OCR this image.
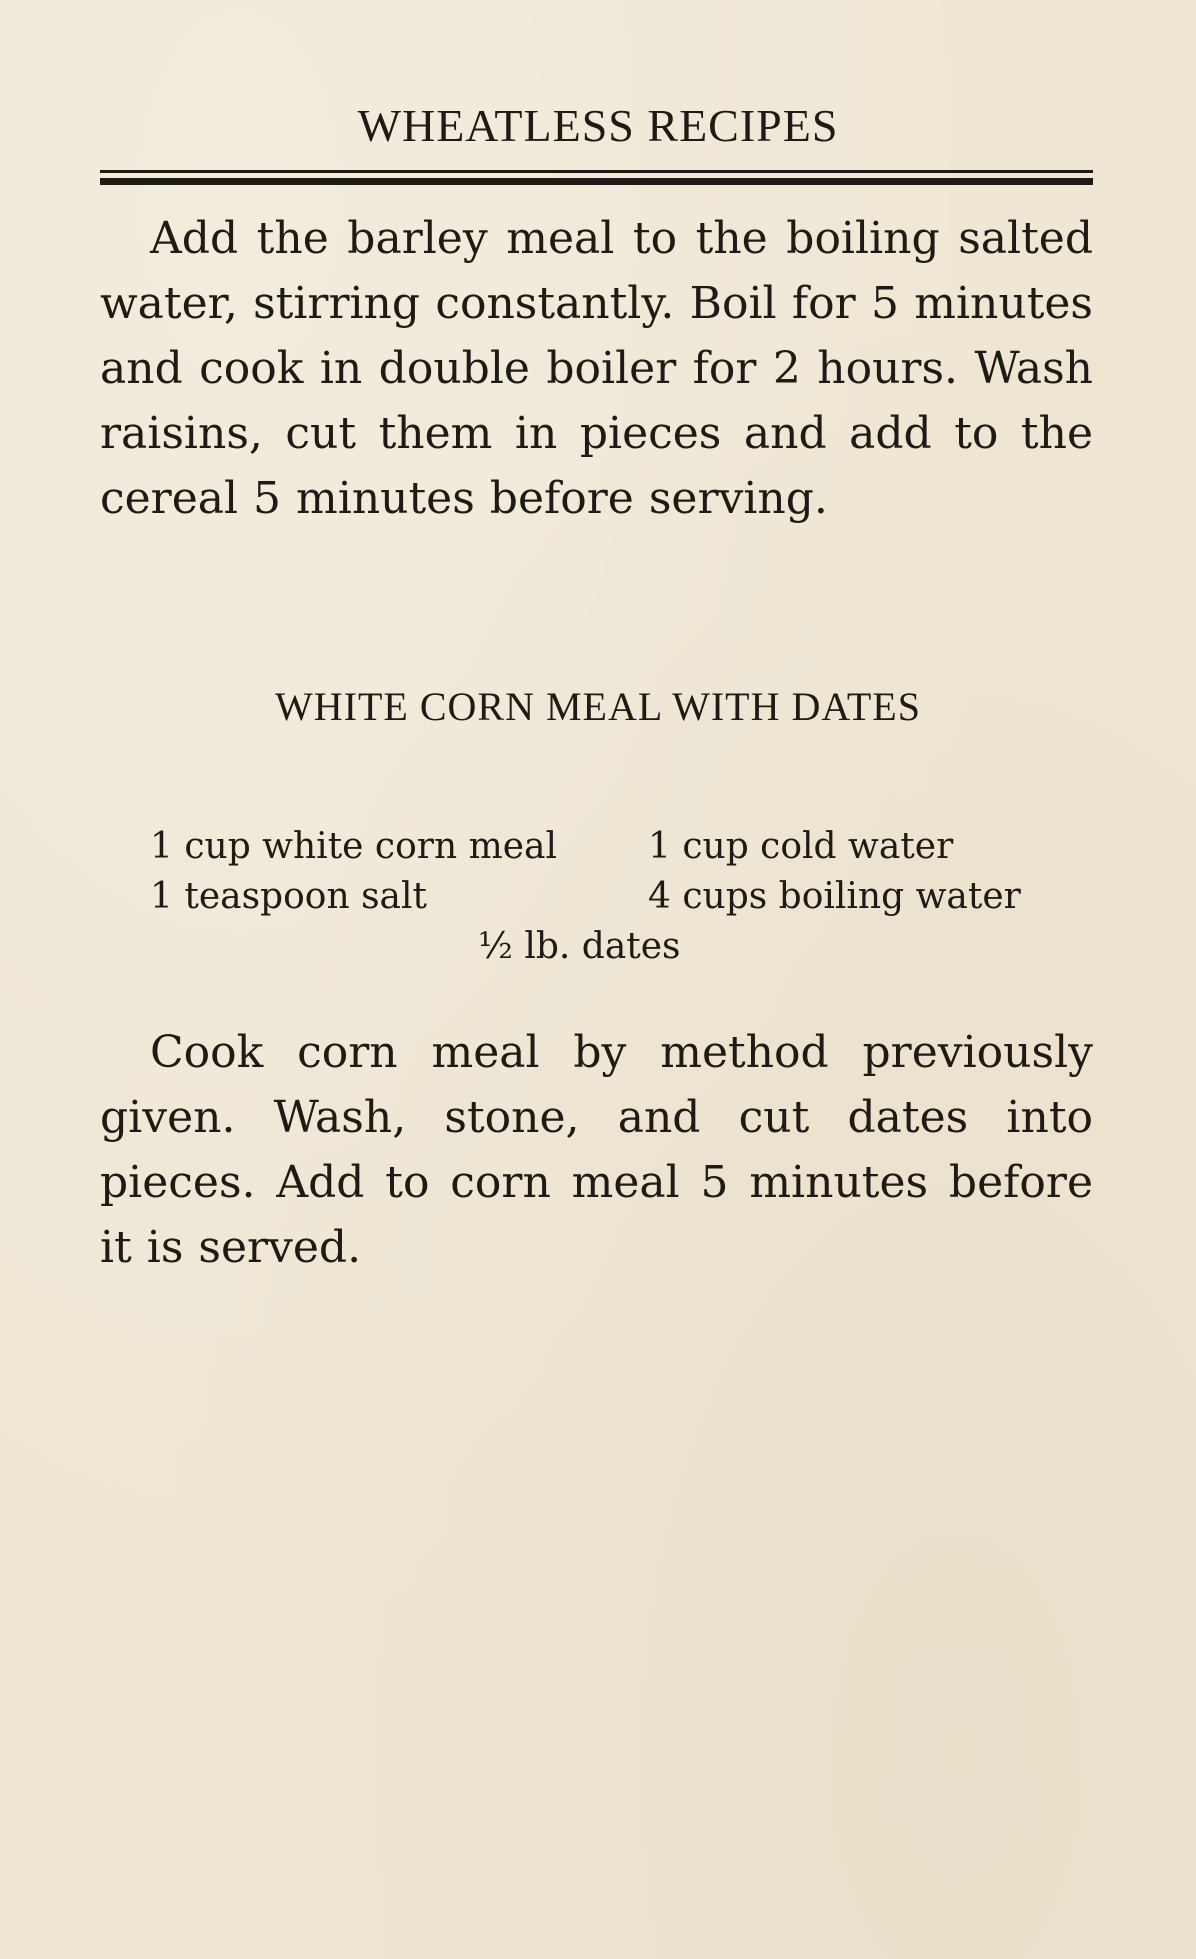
WHEATLESS RECIPES

Add the barley meal to the boiling salted water, stirring constantly. Boil for 5 minutes and cook in double boiler for 2 hours. Wash raisins, cut them in pieces and add to the cereal 5 minutes before serving.

WHITE CORN MEAL WITH DATES
1 cup white corn meal	1 cup cold water
1 teaspoon salt	4 cups boiling water
½ lb. dates

Cook corn meal by method previously given. Wash, stone, and cut dates into pieces. Add to corn meal 5 minutes before it is served.
